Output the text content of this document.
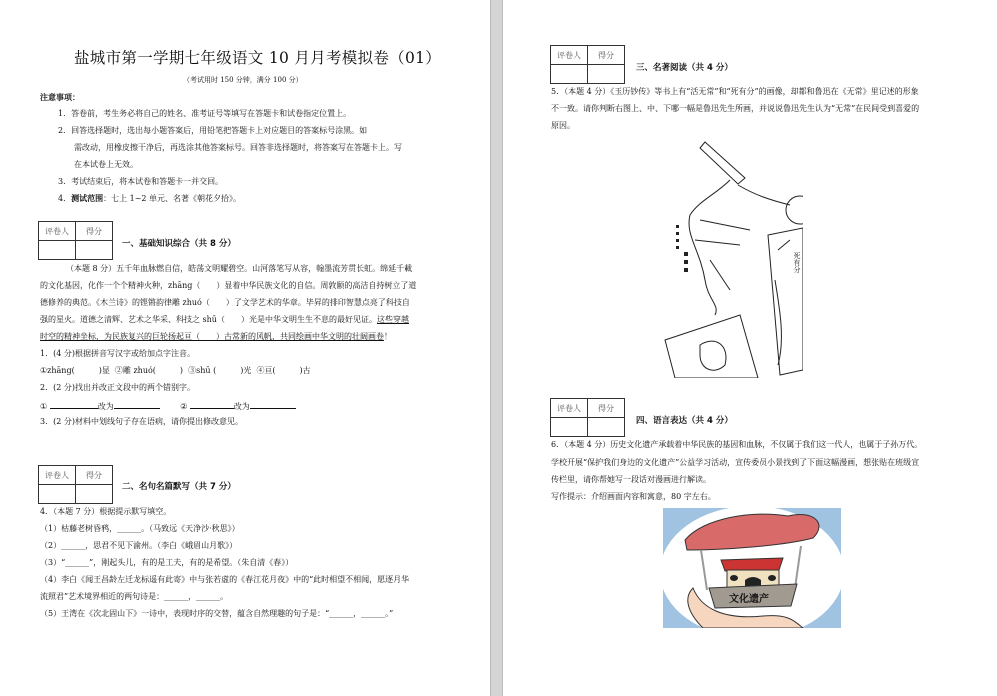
盐城市第一学期七年级语文 10 月月考模拟卷（01）
（考试用时 150 分钟，满分 100 分）
注意事项：
1．答卷前，考生务必将自己的姓名、准考证号等填写在答题卡和试卷指定位置上。
2．回答选择题时，选出每小题答案后，用铅笔把答题卡上对应题目的答案标号涂黑。如
需改动，用橡皮擦干净后，再选涂其他答案标号。回答非选择题时，将答案写在答题卡上。写
在本试卷上无效。
3．考试结束后，将本试卷和答题卡一并交回。
4．测试范围：七上 1~2 单元、名著《朝花夕拾》。
评卷人	得分

一、基础知识综合（共 8 分）
（本题 8 分）五千年血脉燃自信，皓荡文明耀碧空。山河落笔写从容，翰墨流芳贯长虹。绵延千載
的文化基因，化作一个个精神火种，zhāng（　　）显着中华民族文化的自信。周敦颐的高洁自持树立了道
德修养的典范。《木兰诗》的铿锵韵律雕 zhuó（　　）了文学艺术的华章。毕昇的排印智慧点亮了科技自
强的星火。道德之清辉、艺术之华采、科技之 shū（　　）光是中华文明生生不息的最好见证。这些穿越
时空的精神坐标，为民族复兴的巨轮扬起亘（　　）古常新的风帆，共同绘画中华文明的壮阔画卷！
1．(4 分)根据拼音写汉字或给加点字注音。
①zhāng(　　　)显 ②雕 zhuó(　　　) ③shū (　　　)光 ④亘(　　　)古
2．(2 分)找出并改正文段中的两个错别字。
①	改为	②	改为
3．(2 分)材料中划线句子存在语病，请你提出修改意见。
评卷人	得分

二、名句名篇默写（共 7 分）
4．（本题 7 分）根据提示默写填空。
（1）枯藤老树昏鸦，______。（马致远《天净沙·秋思》）
（2）______，思君不见下渝州。（李白《峨眉山月歌》）
（3）“______”，刚起头儿，有的是工夫，有的是希望。（朱自清《春》）
（4）李白《闻王昌龄左迁龙标遥有此寄》中与张若虚的《春江花月夜》中的“此时相望不相闻，愿逐月华
流照君”艺术境界相近的两句诗是：______，______。
（5）王湾在《次北固山下》一诗中，表现时序的交替，蕴含自然理趣的句子是：“______，______。”
评卷人	得分

三、名著阅读（共 4 分）
5．（本题 4 分）《玉历钞传》等书上有“活无常”和“死有分”的画像，却都和鲁迅在《无常》里记述的形象
不一致。请你判断右图上、中、下哪一幅是鲁迅先生所画，并说说鲁迅先生认为“无常”在民间受到喜爱的
原因。
死有分
评卷人	得分

四、语言表达（共 4 分）
6．（本题 4 分）历史文化遗产承载着中华民族的基因和血脉，不仅属于我们这一代人，也属于子孙万代。
学校开展“保护我们身边的文化遗产”公益学习活动，宣传委员小景找到了下面这幅漫画，想张贴在班级宣
传栏里，请你帮她写一段话对漫画进行解读。
写作提示：介绍画面内容和寓意，80 字左右。
文化遗产
